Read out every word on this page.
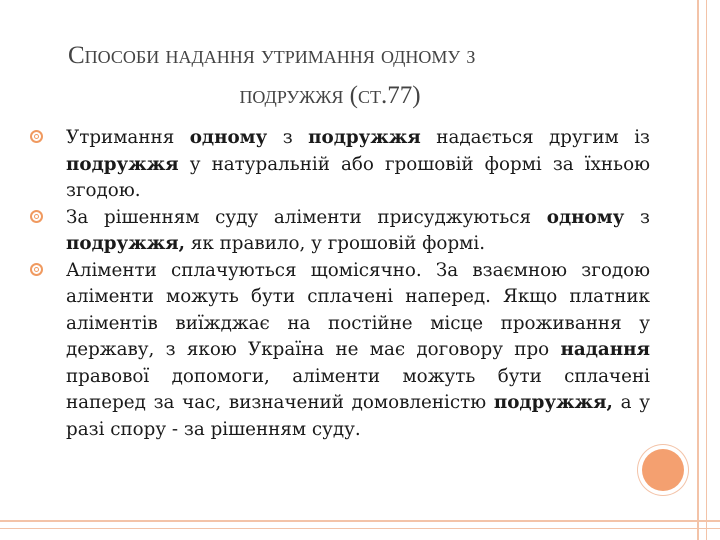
Способи надання утримання одному з
подружжя (ст.77)
Утримання одному з подружжя надається другим із подружжя у натуральній або грошовій формі за їхньою згодою.
За рішенням суду аліменти присуджуються одному з подружжя, як правило, у грошовій формі.
Аліменти сплачуються щомісячно. За взаємною згодою аліменти можуть бути сплачені наперед. Якщо платник аліментів виїжджає на постійне місце проживання у державу, з якою Україна не має договору про надання правової допомоги, аліменти можуть бути сплачені наперед за час, визначений домовленістю подружжя, а у разі спору - за рішенням суду.
